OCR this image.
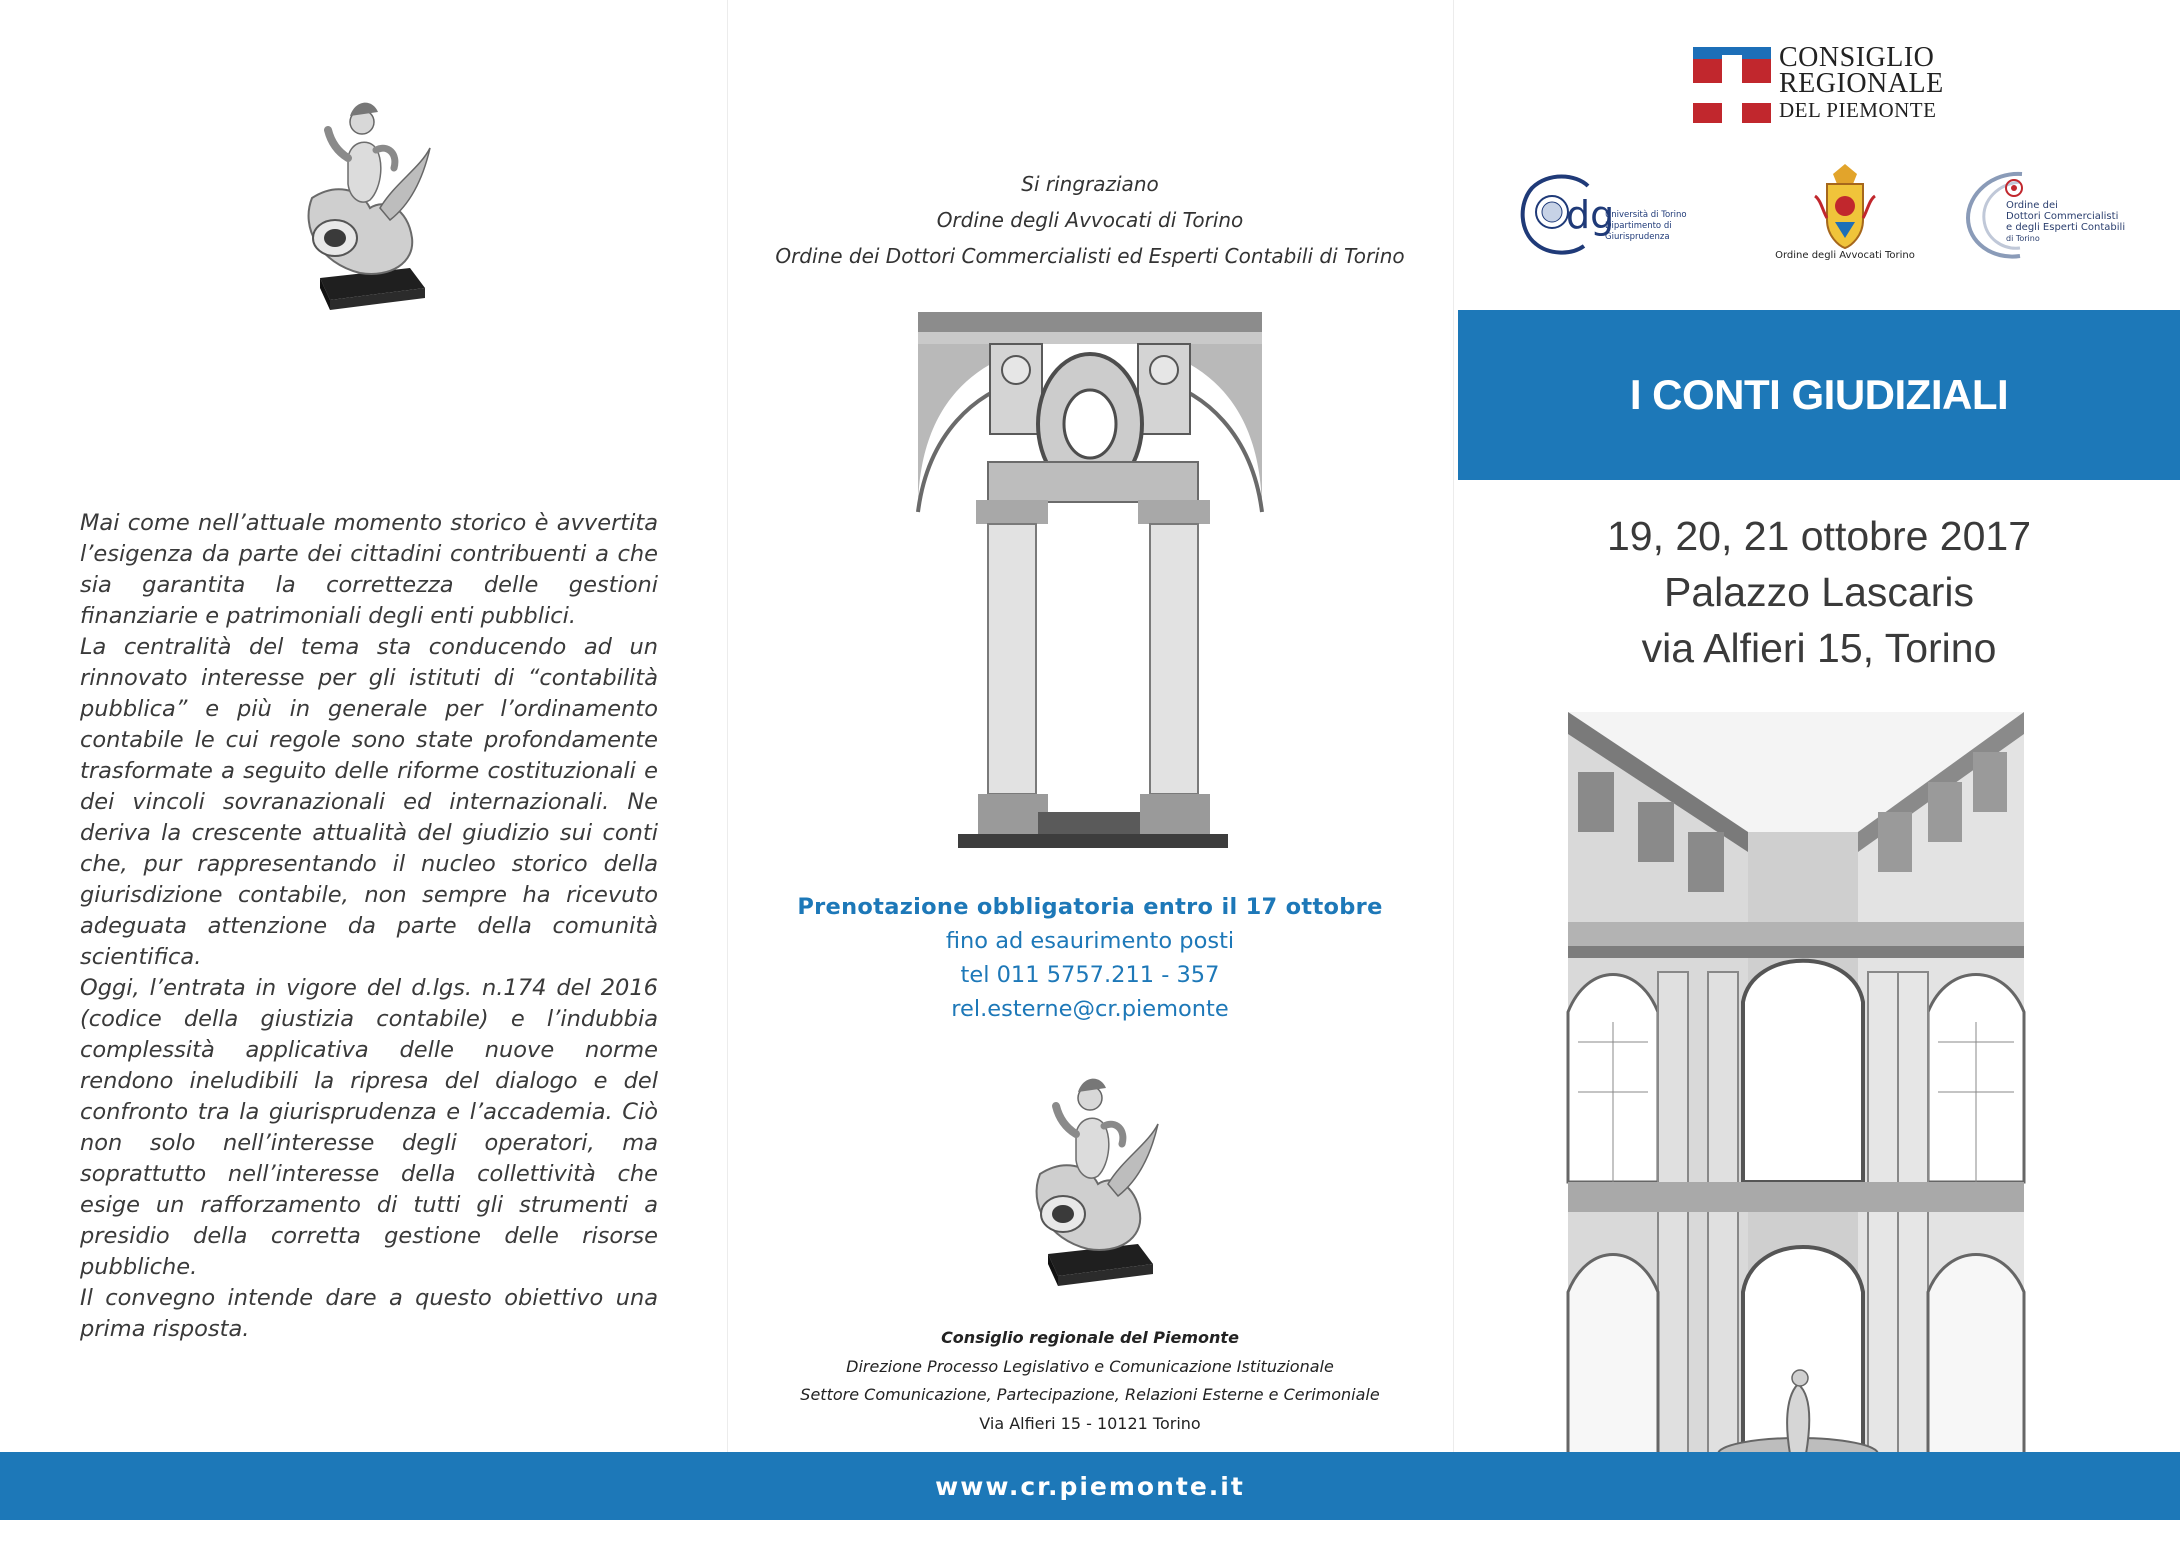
Mai come nell’attuale momento storico è avvertita l’esigenza da parte dei cittadini contribuenti a che sia garantita la correttezza delle gestioni finanziarie e patrimoniali degli enti pubblici.

La centralità del tema sta conducendo ad un rinnovato interesse per gli istituti di “contabilità pubblica” e più in generale per l’ordinamento contabile le cui regole sono state profondamente trasformate a seguito delle riforme costituzionali e dei vincoli sovranazionali ed internazionali. Ne deriva la crescente attualità del giudizio sui conti che, pur rappresentando il nucleo storico della giurisdizione contabile, non sempre ha ricevuto adeguata attenzione da parte della comunità scientifica.

Oggi, l’entrata in vigore del d.lgs. n.174 del 2016 (codice della giustizia contabile) e l’indubbia complessità applicativa delle nuove norme rendono ineludibili la ripresa del dialogo e del confronto tra la giurisprudenza e l’accademia. Ciò non solo nell’interesse degli operatori, ma soprattutto nell’interesse della collettività che esige un rafforzamento di tutti gli strumenti a presidio della corretta gestione delle risorse pubbliche.

Il convegno intende dare a questo obiettivo una prima risposta.

Si ringraziano
Ordine degli Avvocati di Torino
Ordine dei Dottori Commercialisti ed Esperti Contabili di Torino
Prenotazione obbligatoria entro il 17 ottobre
fino ad esaurimento posti
tel 011 5757.211 - 357
rel.esterne@cr.piemonte
Consiglio regionale del Piemonte
Direzione Processo Legislativo e Comunicazione Istituzionale
Settore Comunicazione, Partecipazione, Relazioni Esterne e Cerimoniale
Via Alfieri 15 - 10121 Torino
CONSIGLIO
REGIONALE
DEL PIEMONTE
dg
Università di Torino
Dipartimento di Giurisprudenza
Ordine degli Avvocati Torino
Ordine dei
Dottori Commercialisti
e degli Esperti Contabili
di Torino
I CONTI GIUDIZIALI
19, 20, 21 ottobre 2017
Palazzo Lascaris
via Alfieri 15, Torino
www.cr.piemonte.it
